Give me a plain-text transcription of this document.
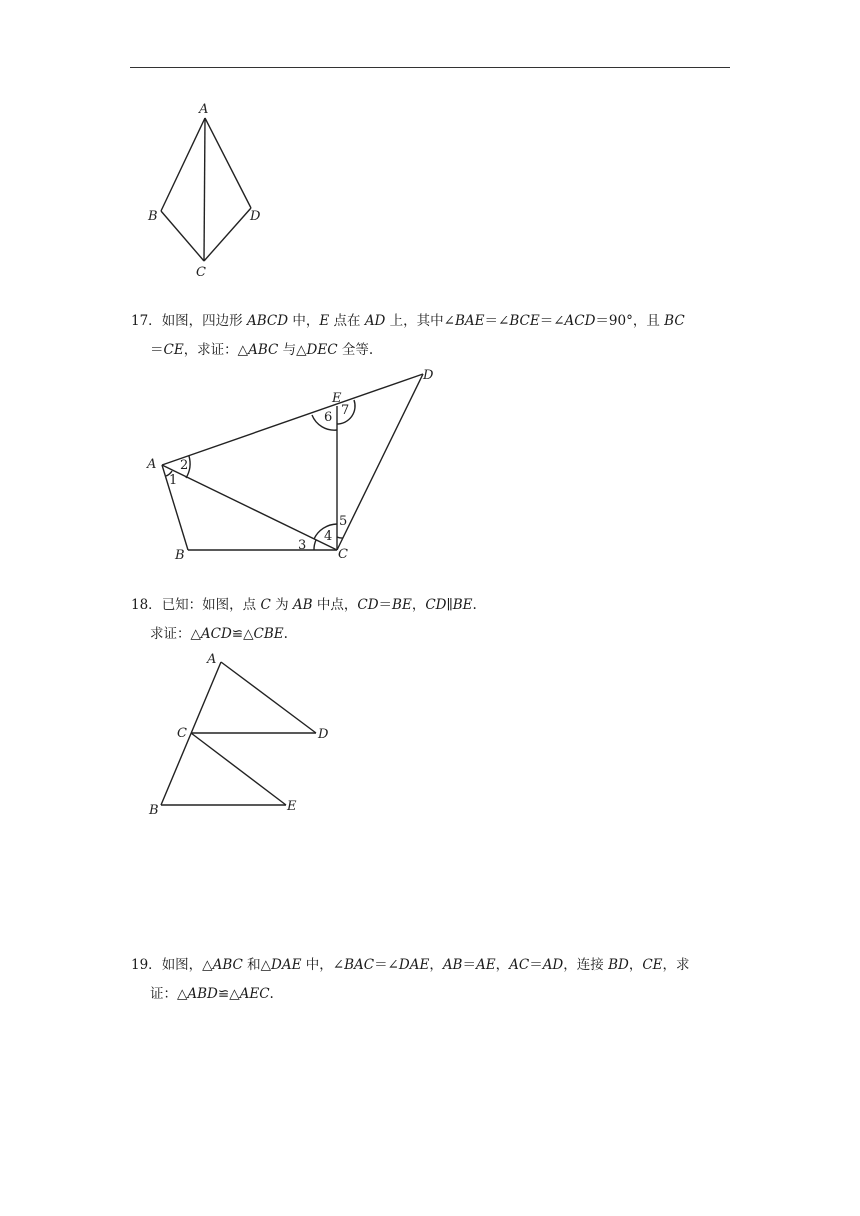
A
B	D
C

17．如图，四边形 ABCD 中，E 点在 AD 上，其中∠BAE＝∠BCE＝∠ACD＝90°，且 BC

＝CE，求证：△ABC 与△DEC 全等.

A
B	C
D
E
1
2
3
4
5
6 7

18．已知：如图，点 C 为 AB 中点，CD＝BE，CD∥BE.

求证：△ACD≌△CBE.

A
C	D
B	E

19．如图，△ABC 和△DAE 中，∠BAC＝∠DAE，AB＝AE，AC＝AD，连接 BD，CE，求

证：△ABD≌△AEC.
